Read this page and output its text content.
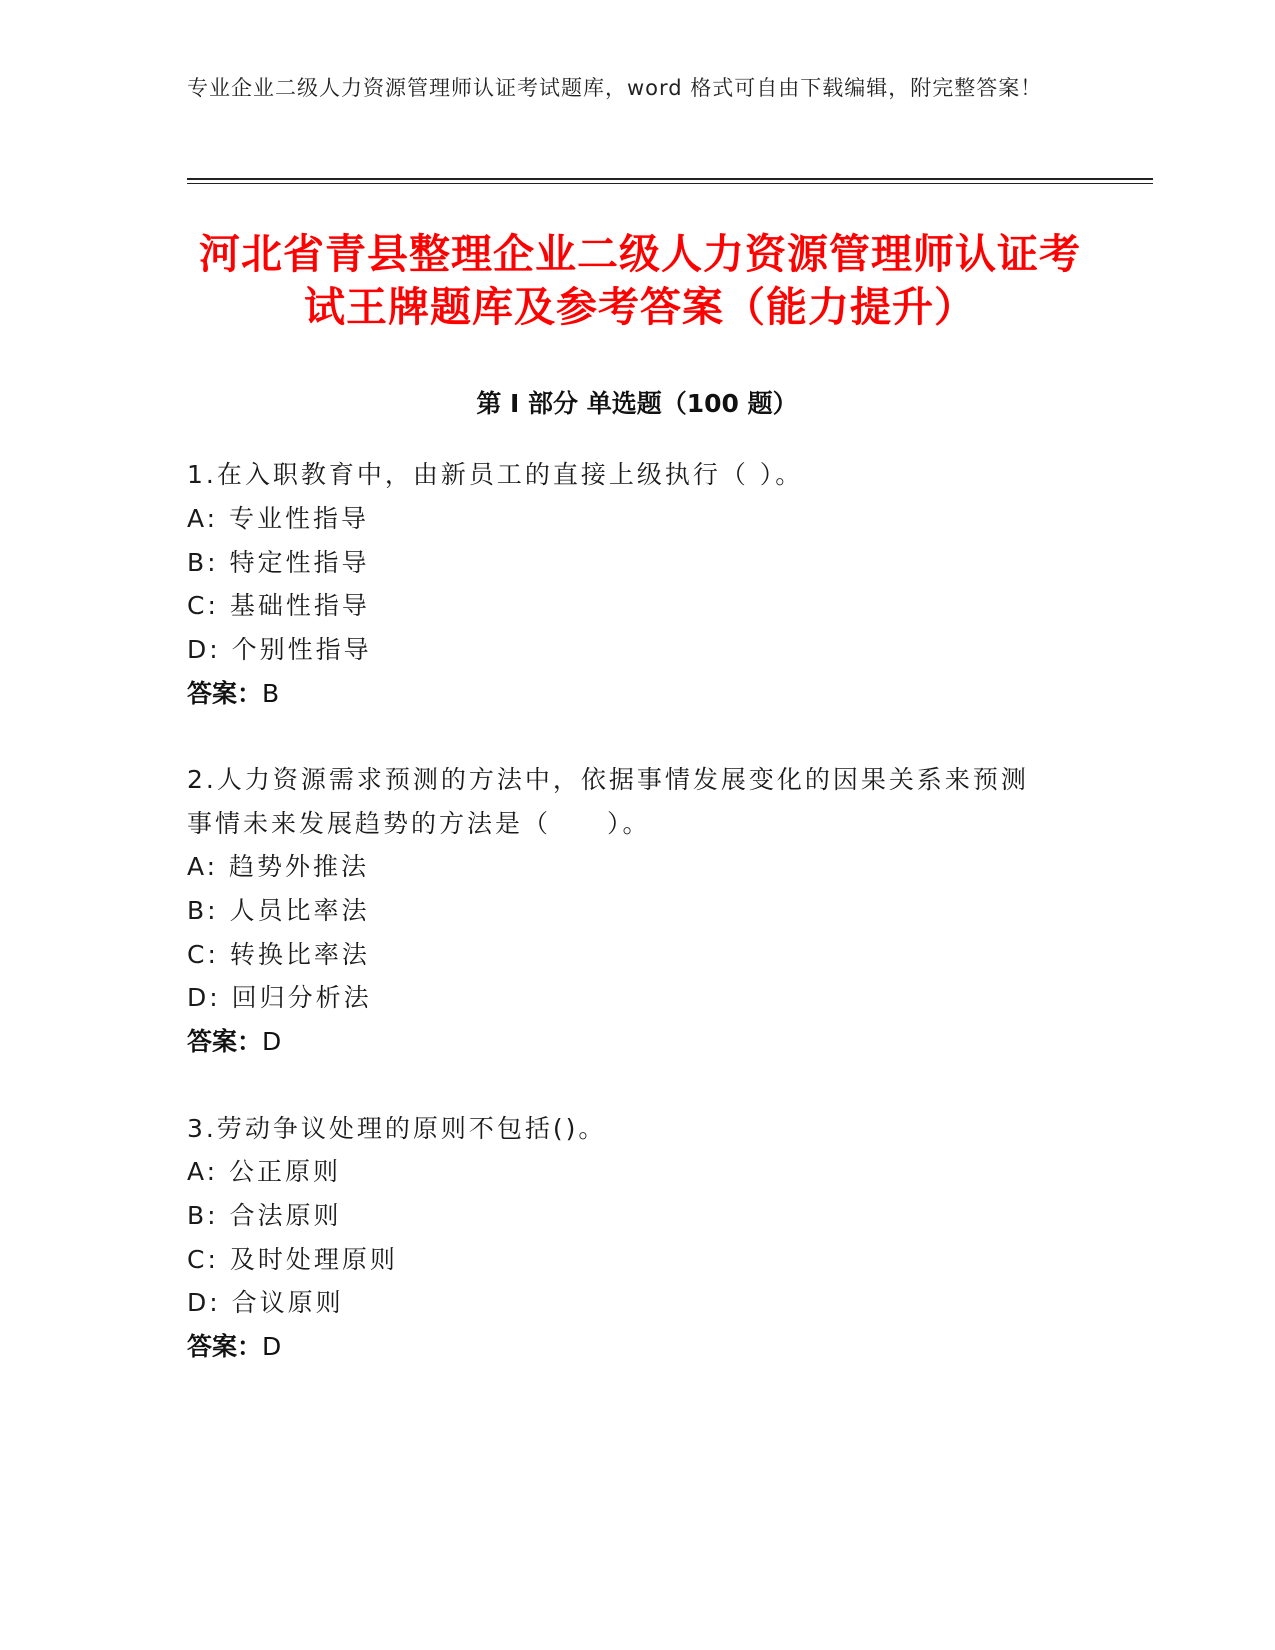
专业企业二级人力资源管理师认证考试题库，word 格式可自由下载编辑，附完整答案！
河北省青县整理企业二级人力资源管理师认证考试王牌题库及参考答案（能力提升）
第 I 部分 单选题（100 题）
1.在入职教育中，由新员工的直接上级执行（ ）。
A: 专业性指导
B: 特定性指导
C: 基础性指导
D: 个别性指导
答案：B
2.人力资源需求预测的方法中，依据事情发展变化的因果关系来预测
事情未来发展趋势的方法是（　　）。
A: 趋势外推法
B: 人员比率法
C: 转换比率法
D: 回归分析法
答案：D
3.劳动争议处理的原则不包括()。
A: 公正原则
B: 合法原则
C: 及时处理原则
D: 合议原则
答案：D
